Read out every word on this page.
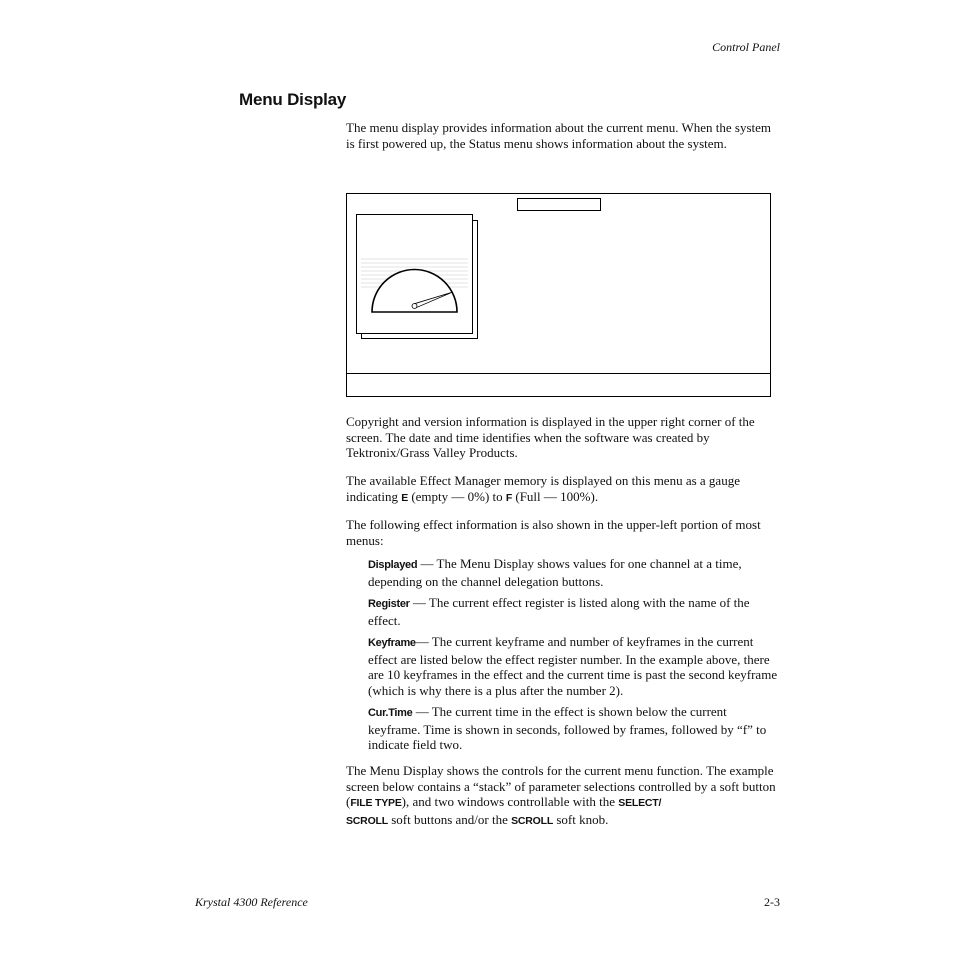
Control Panel
Menu Display

The menu display provides information about the current menu. When the system is first powered up, the Status menu shows information about the system.

Copyright and version information is displayed in the upper right corner of the screen. The date and time identifies when the software was created by Tektronix/Grass Valley Products.

The available Effect Manager memory is displayed on this menu as a gauge indicating E (empty — 0%) to F (Full — 100%).

The following effect information is also shown in the upper-left portion of most menus:

Displayed — The Menu Display shows values for one channel at a time, depending on the channel delegation buttons.

Register — The current effect register is listed along with the name of the effect.

Keyframe— The current keyframe and number of keyframes in the current effect are listed below the effect register number. In the example above, there are 10 keyframes in the effect and the current time is past the second keyframe (which is why there is a plus after the number 2).

Cur.Time — The current time in the effect is shown below the current keyframe. Time is shown in seconds, followed by frames, followed by “f” to indicate field two.

The Menu Display shows the controls for the current menu function. The example screen below contains a “stack” of parameter selections controlled by a soft button (FILE TYPE), and two windows controllable with the SELECT/
SCROLL soft buttons and/or the SCROLL soft knob.

Krystal 4300 Reference	2-3
